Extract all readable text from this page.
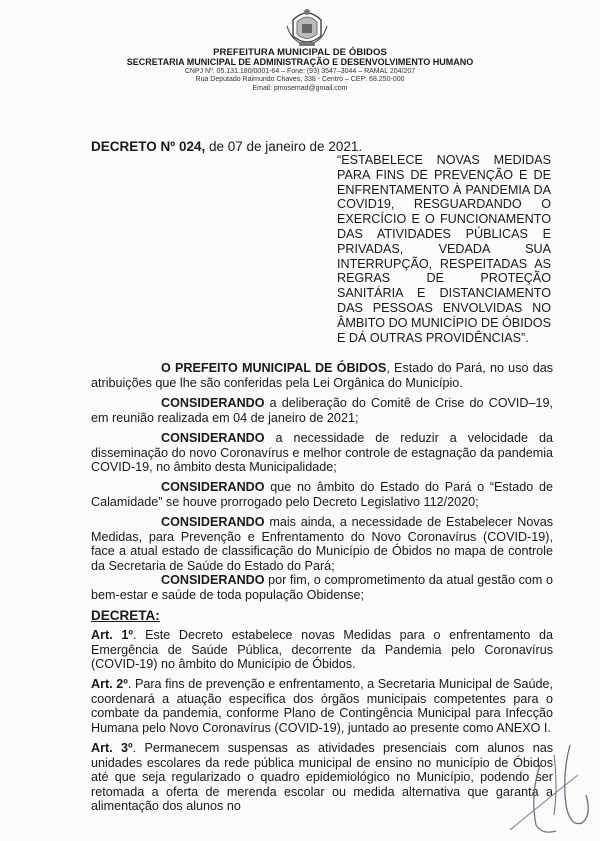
PREFEITURA MUNICIPAL DE ÓBIDOS
SECRETARIA MUNICIPAL DE ADMINISTRAÇÃO E DESENVOLVIMENTO HUMANO
CNPJ Nº. 05.131.180/0001-64 – Fone: (93) 3547–3044 – RAMAL 204/207
Rua Deputado Raimundo Chaves, 338 - Centro – CEP: 68.250-000
Email: pmosemad@gmail.com
DECRETO Nº 024, de 07 de janeiro de 2021.
“ESTABELECE NOVAS MEDIDAS PARA FINS DE PREVENÇÃO E DE ENFRENTAMENTO À PANDEMIA DA COVID19, RESGUARDANDO O EXERCÍCIO E O FUNCIONAMENTO DAS ATIVIDADES PÚBLICAS E PRIVADAS, VEDADA SUA INTERRUPÇÃO, RESPEITADAS AS REGRAS DE PROTEÇÃO SANITÁRIA E DISTANCIAMENTO DAS PESSOAS ENVOLVIDAS NO ÂMBITO DO MUNICÍPIO DE ÓBIDOS E DÁ OUTRAS PROVIDÊNCIAS”.
O PREFEITO MUNICIPAL DE ÓBIDOS, Estado do Pará, no uso das atribuições que lhe são conferidas pela Lei Orgânica do Município.
CONSIDERANDO a deliberação do Comitê de Crise do COVID–19, em reunião realizada em 04 de janeiro de 2021;
CONSIDERANDO a necessidade de reduzir a velocidade da disseminação do novo Coronavírus e melhor controle de estagnação da pandemia COVID-19, no âmbito desta Municipalidade;
CONSIDERANDO que no âmbito do Estado do Pará o “Estado de Calamidade” se houve prorrogado pelo Decreto Legislativo 112/2020;
CONSIDERANDO mais ainda, a necessidade de Estabelecer Novas Medidas, para Prevenção e Enfrentamento do Novo Coronavírus (COVID-19), face a atual estado de classificação do Município de Óbidos no mapa de controle da Secretaria de Saúde do Estado do Pará;
CONSIDERANDO por fim, o comprometimento da atual gestão com o bem-estar e saúde de toda população Obidense;
DECRETA:
Art. 1º. Este Decreto estabelece novas Medidas para o enfrentamento da Emergência de Saúde Pública, decorrente da Pandemia pelo Coronavírus (COVID-19) no âmbito do Município de Óbidos.
Art. 2º. Para fins de prevenção e enfrentamento, a Secretaria Municipal de Saúde, coordenará a atuação específica dos órgãos municipais competentes para o combate da pandemia, conforme Plano de Contingência Municipal para Infecção Humana pelo Novo Coronavírus (COVID-19), juntado ao presente como ANEXO I.
Art. 3º. Permanecem suspensas as atividades presenciais com alunos nas unidades escolares da rede pública municipal de ensino no município de Óbidos até que seja regularizado o quadro epidemiológico no Município, podendo ser retomada a oferta de merenda escolar ou medida alternativa que garanta a alimentação dos alunos no
